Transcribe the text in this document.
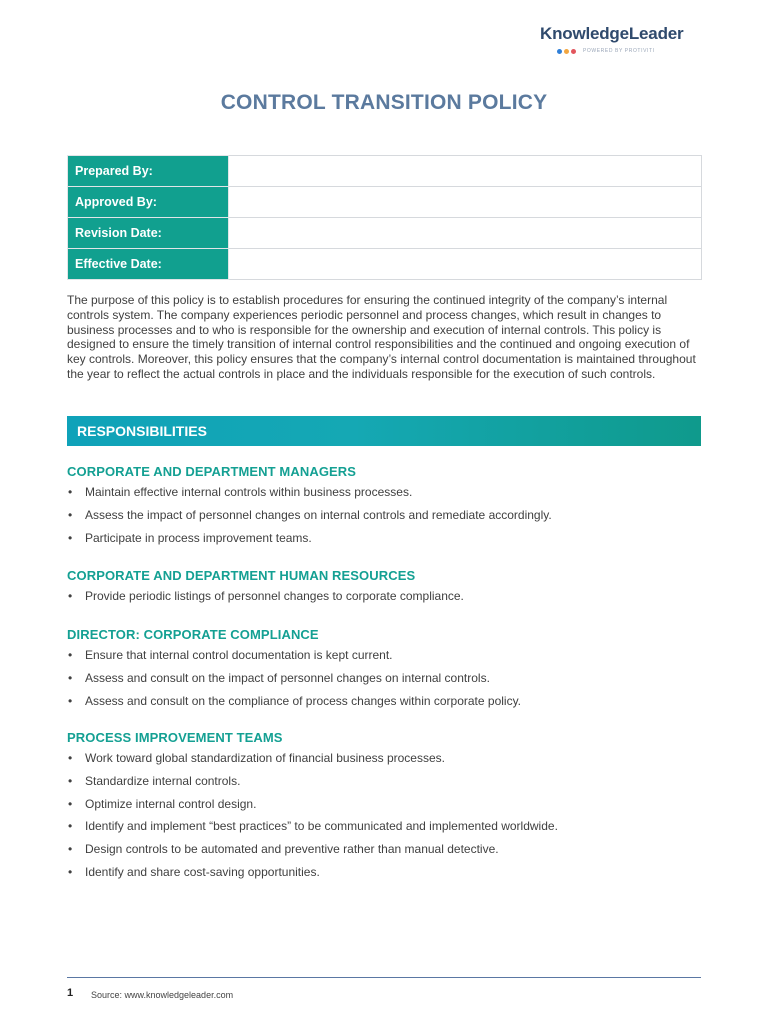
KnowledgeLeader
POWERED BY PROTIVITI
CONTROL TRANSITION POLICY
Prepared By:	
Approved By:	
Revision Date:	
Effective Date:	

The purpose of this policy is to establish procedures for ensuring the continued integrity of the company’s internal controls system. The company experiences periodic personnel and process changes, which result in changes to business processes and to who is responsible for the ownership and execution of internal controls. This policy is designed to ensure the timely transition of internal control responsibilities and the continued and ongoing execution of key controls. Moreover, this policy ensures that the company’s internal control documentation is maintained throughout the year to reflect the actual controls in place and the individuals responsible for the execution of such controls.

RESPONSIBILITIES
CORPORATE AND DEPARTMENT MANAGERS
• Maintain effective internal controls within business processes.
• Assess the impact of personnel changes on internal controls and remediate accordingly.
• Participate in process improvement teams.
CORPORATE AND DEPARTMENT HUMAN RESOURCES
• Provide periodic listings of personnel changes to corporate compliance.
DIRECTOR: CORPORATE COMPLIANCE
• Ensure that internal control documentation is kept current.
• Assess and consult on the impact of personnel changes on internal controls.
• Assess and consult on the compliance of process changes within corporate policy.
PROCESS IMPROVEMENT TEAMS
• Work toward global standardization of financial business processes.
• Standardize internal controls.
• Optimize internal control design.
• Identify and implement “best practices” to be communicated and implemented worldwide.
• Design controls to be automated and preventive rather than manual detective.
• Identify and share cost-saving opportunities.
1 Source: www.knowledgeleader.com
